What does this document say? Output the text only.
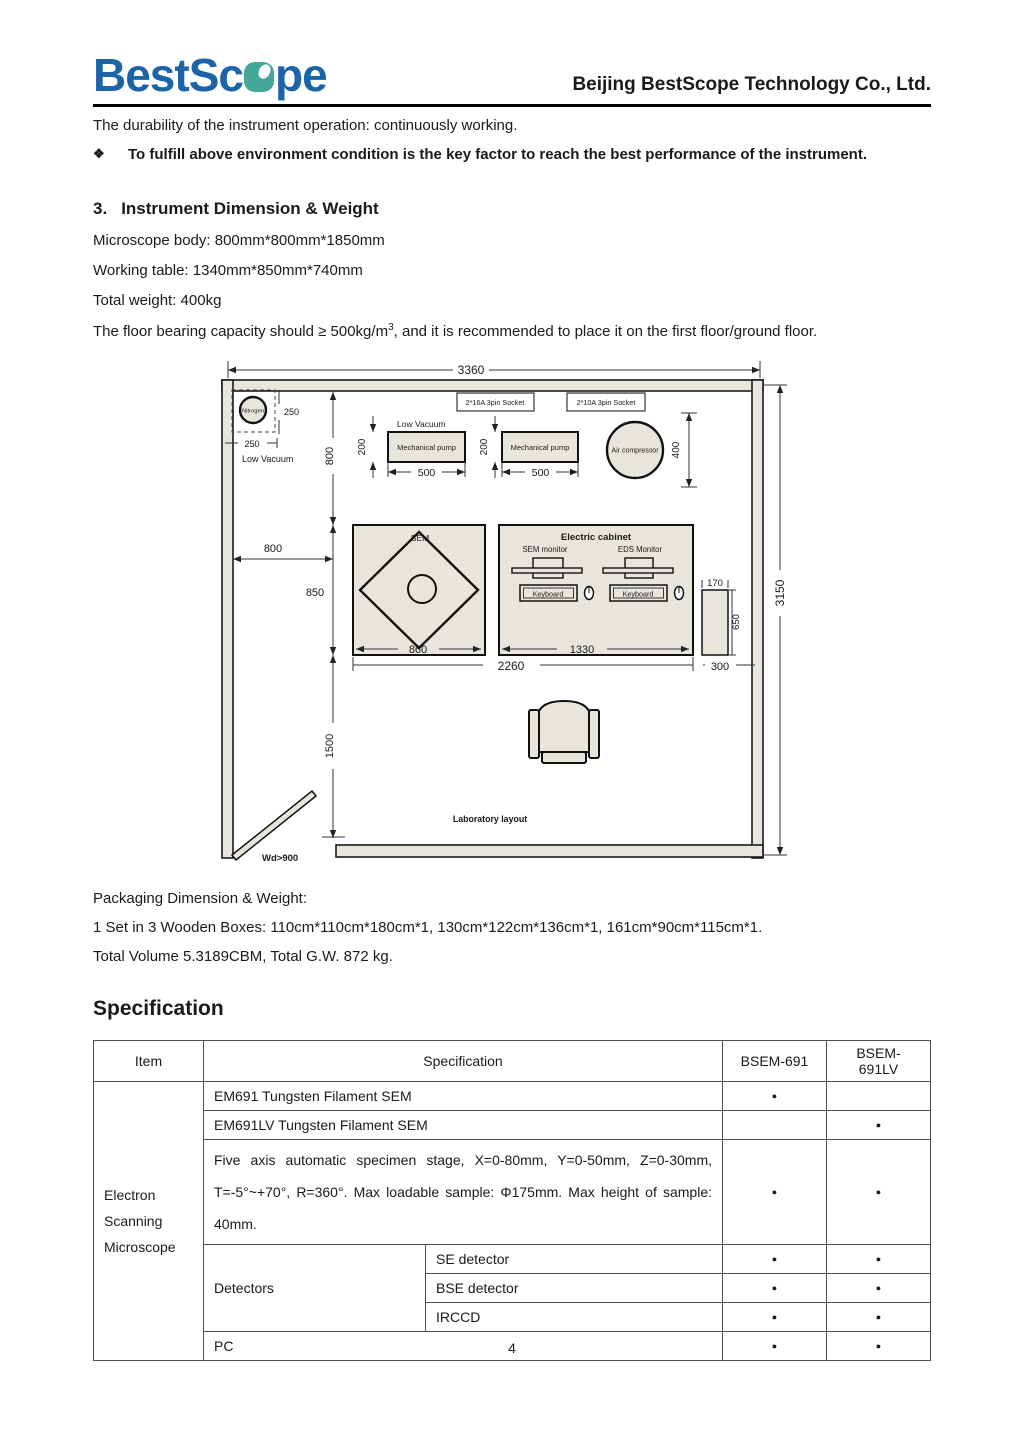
BestSc pe	Beijing BestScope Technology Co., Ltd.

The durability of the instrument operation: continuously working.

❖	To fulfill above environment condition is the key factor to reach the best performance of the instrument.
3. Instrument Dimension & Weight

Microscope body: 800mm*800mm*1850mm

Working table: 1340mm*850mm*740mm

Total weight: 400kg

The floor bearing capacity should ≥ $500kg/m^3$, and it is recommended to place it on the first floor/ground floor.

3360
3150
800
850
1500
800
Nitrogen 250
250
Low Vacuum
2*16A 3pin Socket	2*10A 3pin Socket
Low Vacuum
Mechanical pump	Mechanical pump
200	200
500	500
Air compressor 400
SEM
860
Electric cabinet
SEM monitor	EDS Monitor
Keyboard	Keyboard
1330
170
650
2260	300
Laboratory layout
Wd>900

Packaging Dimension & Weight:

1 Set in 3 Wooden Boxes: 110cm*110cm*180cm*1, 130cm*122cm*136cm*1, 161cm*90cm*115cm*1.

Total Volume 5.3189CBM, Total G.W. 872 kg.

Specification
Item	Specification		BSEM-691	BSEM-691LV

Electron
Scanning
Microscope	EM691 Tungsten Filament SEM		●	
	EM691LV Tungsten Filament SEM			●
	Five axis automatic specimen stage, X=0-80mm, Y=0-50mm, Z=0-30mm, T=-5°~+70°, R=360°. Max loadable sample: Φ175mm. Max height of sample: 40mm.		●	●
	Detectors	SE detector	●	●
		BSE detector	●	●
		IRCCD	●	●
	PC		●	●
4
